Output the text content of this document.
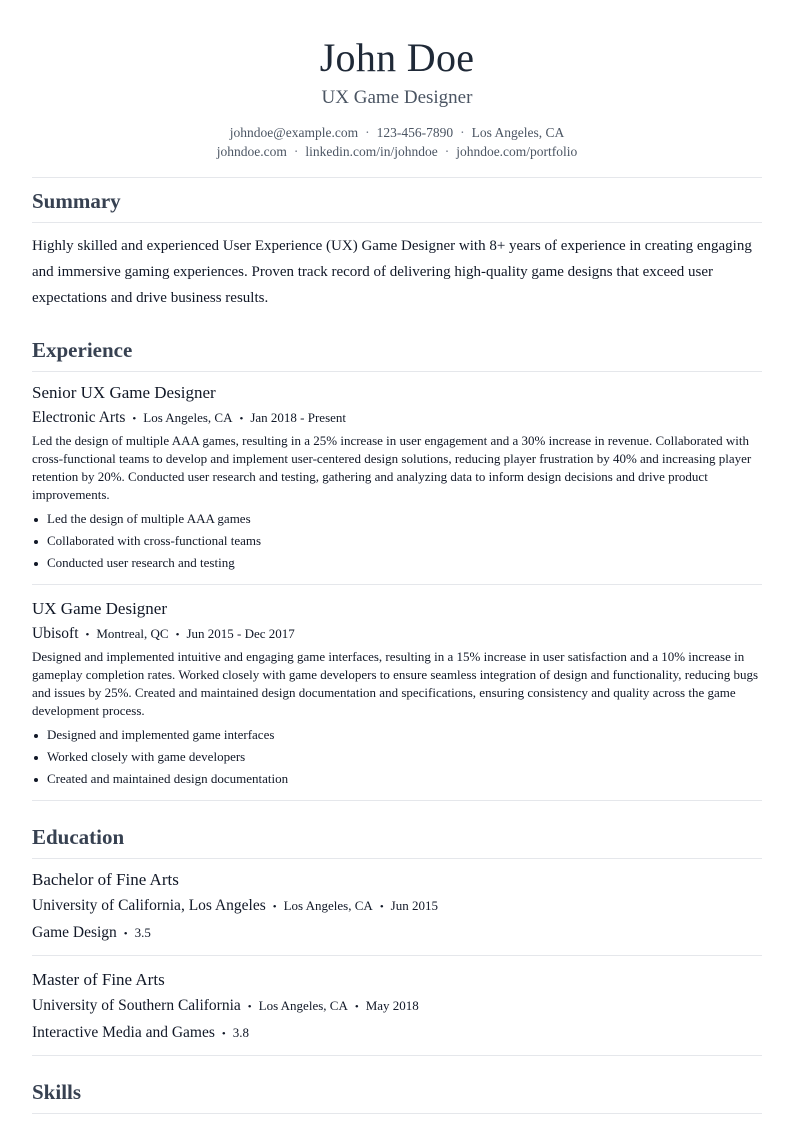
John Doe
UX Game Designer
johndoe@example.com · 123-456-7890 · Los Angeles, CA
johndoe.com · linkedin.com/in/johndoe · johndoe.com/portfolio
Summary

Highly skilled and experienced User Experience (UX) Game Designer with 8+ years of experience in creating engaging and immersive gaming experiences. Proven track record of delivering high-quality game designs that exceed user expectations and drive business results.

Experience
Senior UX Game Designer
Electronic Arts • Los Angeles, CA • Jan 2018 - Present
Led the design of multiple AAA games, resulting in a 25% increase in user engagement and a 30% increase in revenue. Collaborated with cross-functional teams to develop and implement user-centered design solutions, reducing player frustration by 40% and increasing player retention by 20%. Conducted user research and testing, gathering and analyzing data to inform design decisions and drive product improvements.
Led the design of multiple AAA games
Collaborated with cross-functional teams
Conducted user research and testing
UX Game Designer
Ubisoft • Montreal, QC • Jun 2015 - Dec 2017
Designed and implemented intuitive and engaging game interfaces, resulting in a 15% increase in user satisfaction and a 10% increase in gameplay completion rates. Worked closely with game developers to ensure seamless integration of design and functionality, reducing bugs and issues by 25%. Created and maintained design documentation and specifications, ensuring consistency and quality across the game development process.
Designed and implemented game interfaces
Worked closely with game developers
Created and maintained design documentation
Education
Bachelor of Fine Arts
University of California, Los Angeles • Los Angeles, CA • Jun 2015
Game Design • 3.5
Master of Fine Arts
University of Southern California • Los Angeles, CA • May 2018
Interactive Media and Games • 3.8
Skills
